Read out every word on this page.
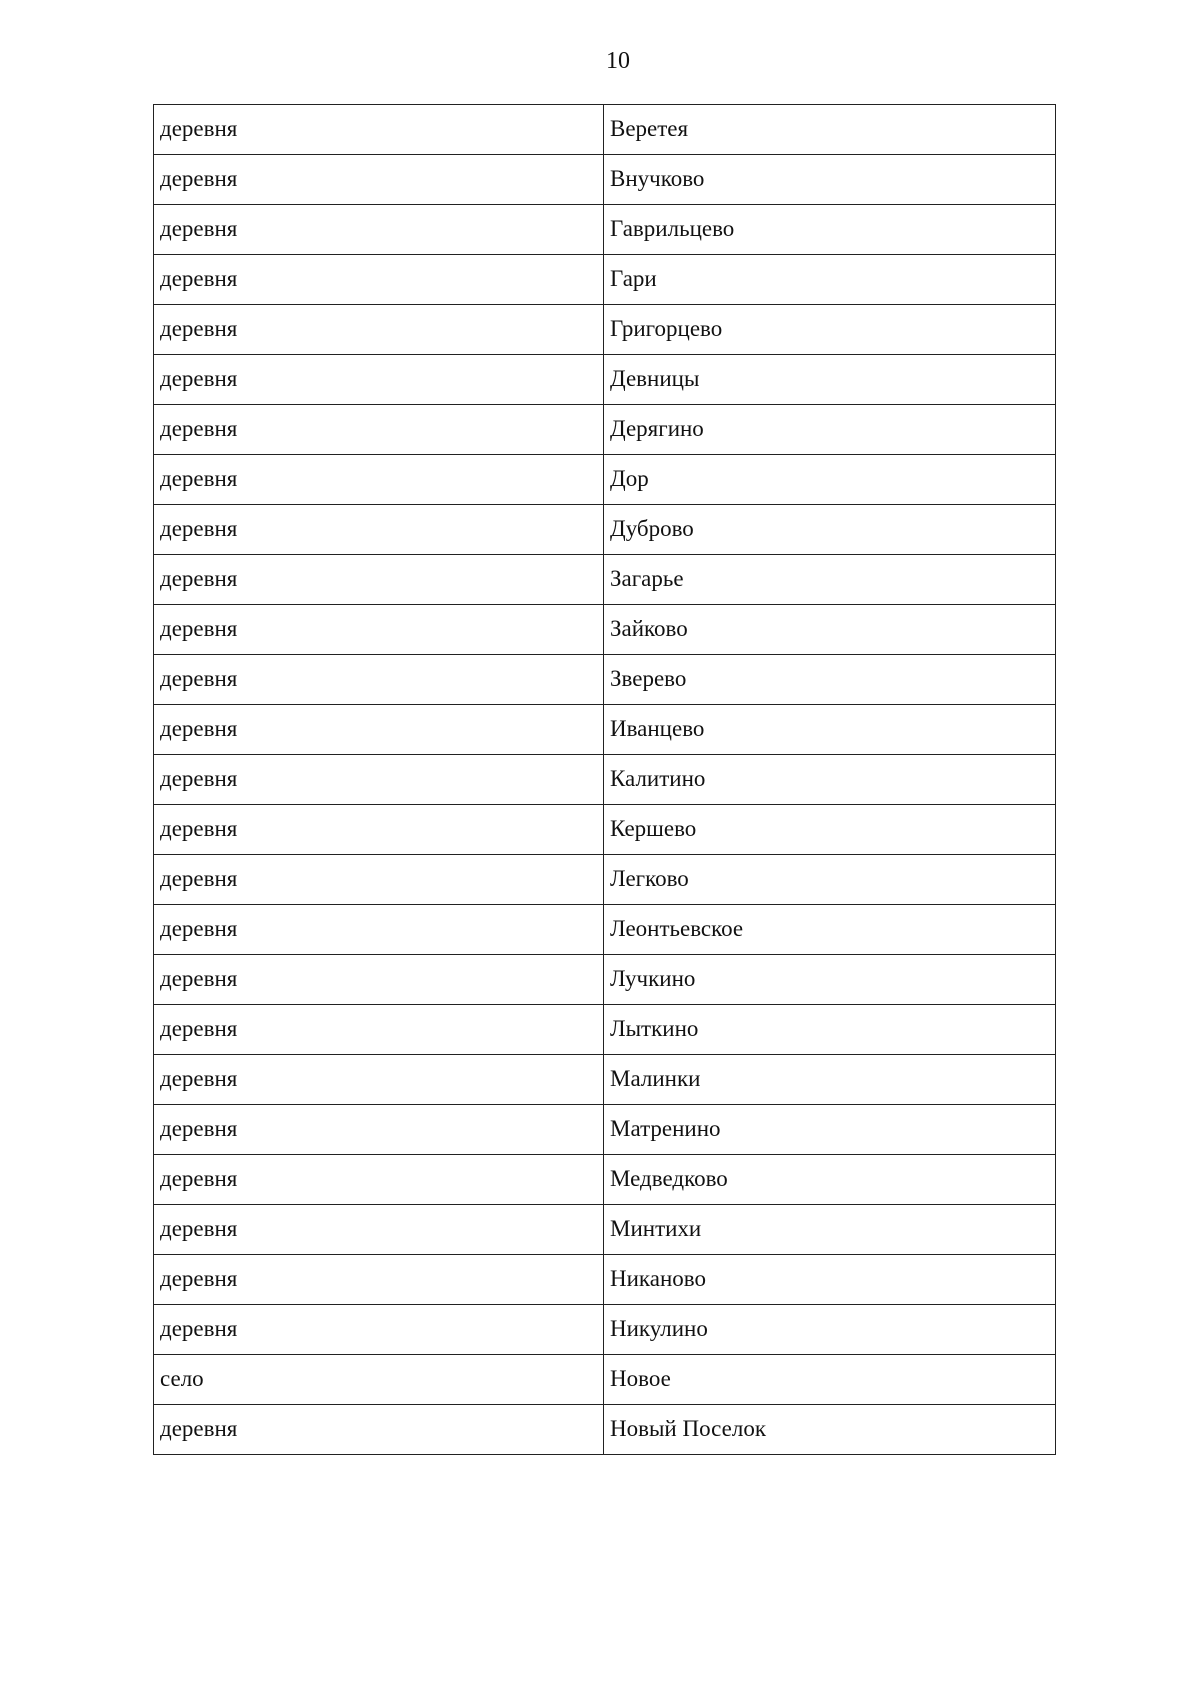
10
деревня	Веретея
деревня	Внучково
деревня	Гаврильцево
деревня	Гари
деревня	Григорцево
деревня	Девницы
деревня	Дерягино
деревня	Дор
деревня	Дуброво
деревня	Загарье
деревня	Зайково
деревня	Зверево
деревня	Иванцево
деревня	Калитино
деревня	Кершево
деревня	Легково
деревня	Леонтьевское
деревня	Лучкино
деревня	Лыткино
деревня	Малинки
деревня	Матренино
деревня	Медведково
деревня	Минтихи
деревня	Никаново
деревня	Никулино
село	Новое
деревня	Новый Поселок
